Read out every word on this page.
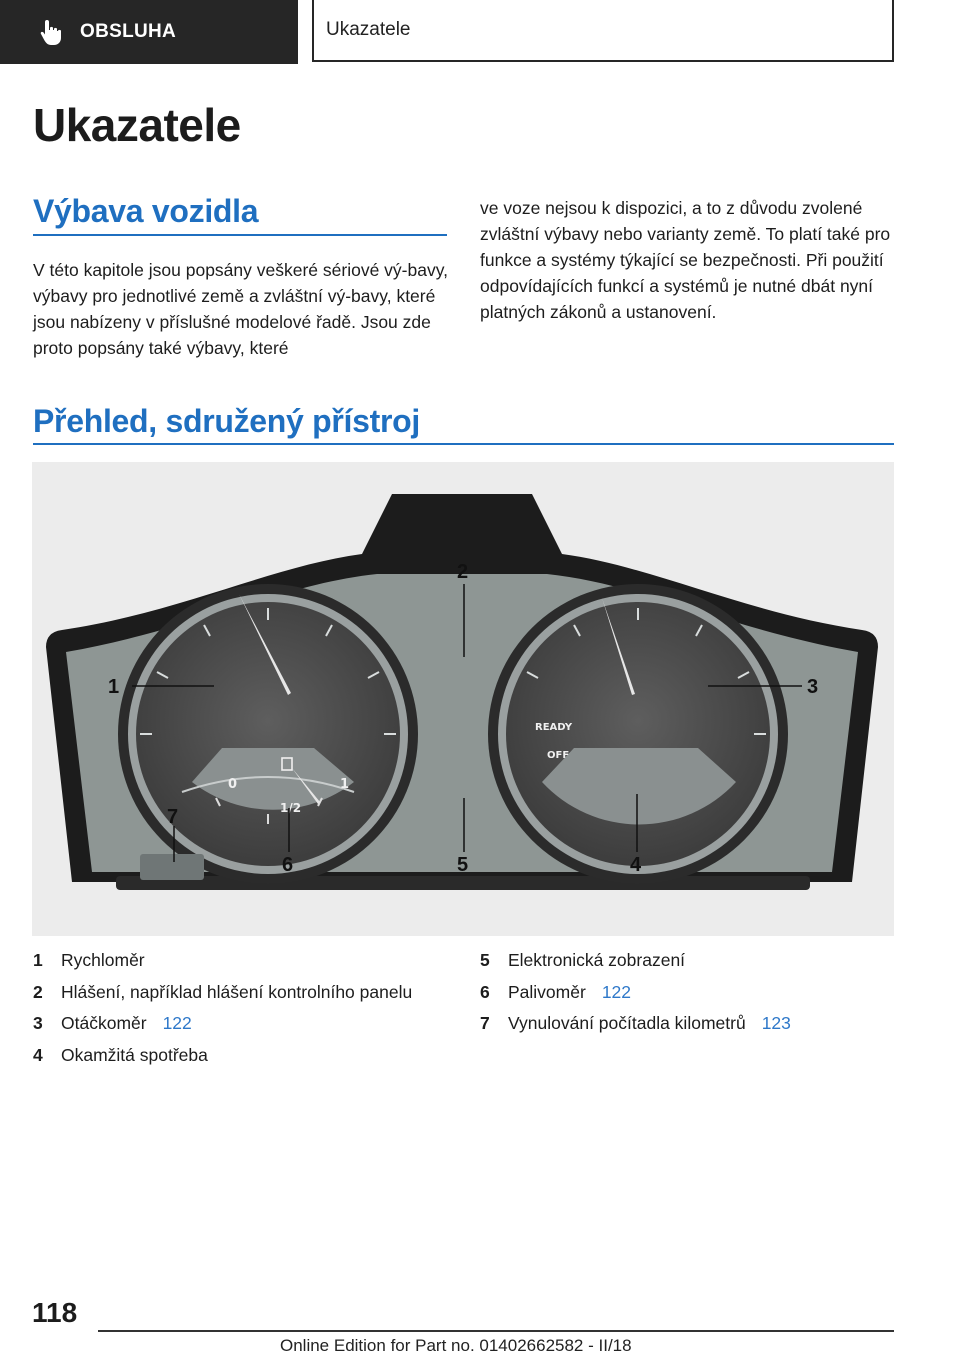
OBSLUHA	Ukazatele
Ukazatele
Výbava vozidla

V této kapitole jsou popsány veškeré sériové vý‐bavy, výbavy pro jednotlivé země a zvláštní vý‐bavy, které jsou nabízeny v příslušné modelové řadě. Jsou zde proto popsány také výbavy, které

ve voze nejsou k dispozici, a to z důvodu zvolené zvláštní výbavy nebo varianty země. To platí také pro funkce a systémy týkající se bezpečnosti. Při použití odpovídajících funkcí a systémů je nutné dbát nyní platných zákonů a ustanovení.

Přehled, sdružený přístroj
0
1/2
1
READY
OFF
1
2
3
4
5
6
7
1	Rychloměr
2	Hlášení, například hlášení kontrolního panelu
3	Otáčkoměr 122
4	Okamžitá spotřeba
5	Elektronická zobrazení
6	Palivoměr 122
7	Vynulování počítadla kilometrů 123
118
Online Edition for Part no. 01402662582 - II/18
